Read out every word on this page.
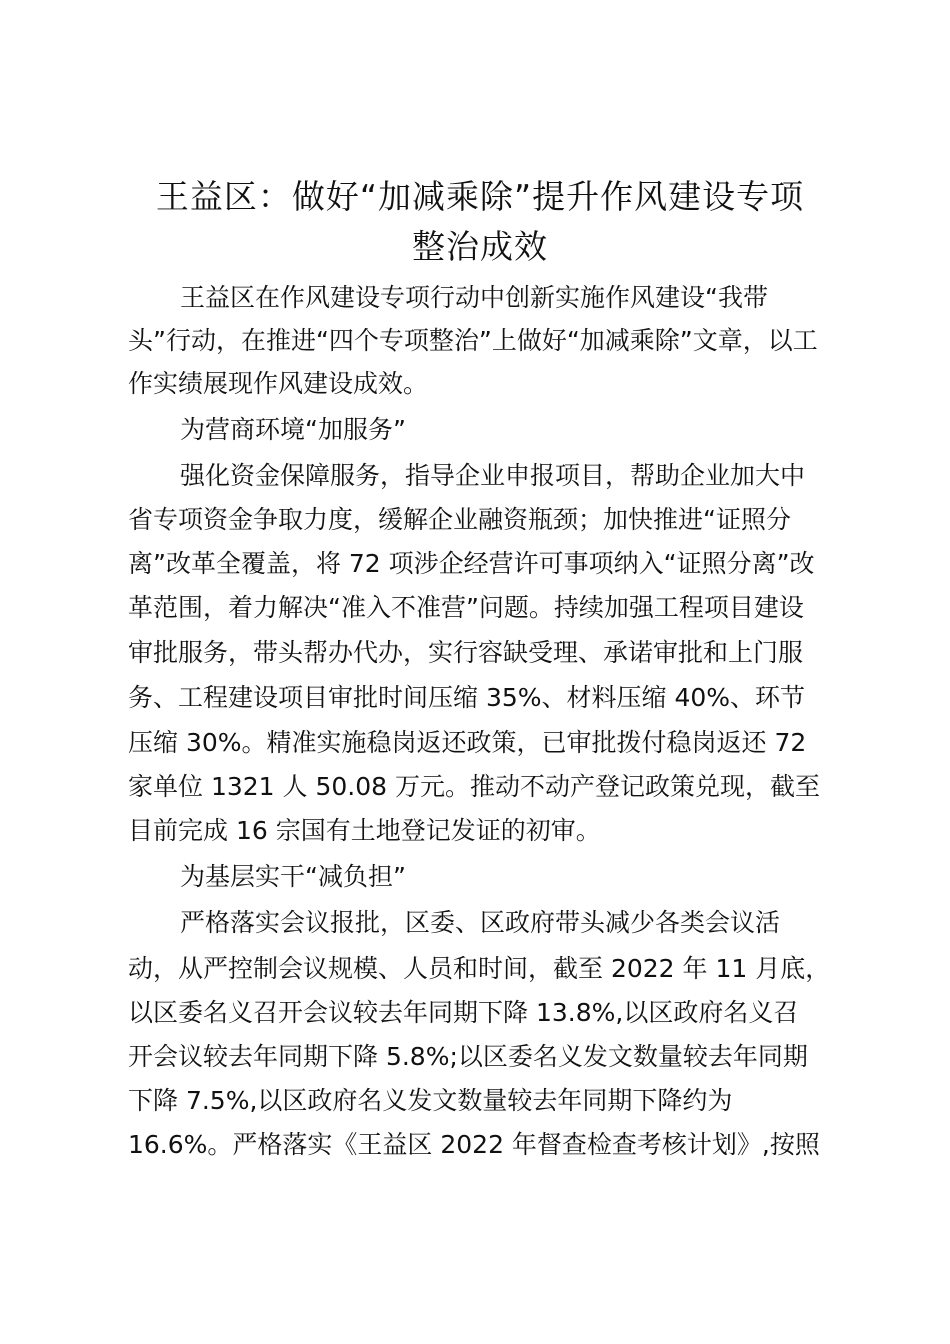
王益区：做好“加减乘除”提升作风建设专项
整治成效

王益区在作风建设专项行动中创新实施作风建设“我带

头”行动，在推进“四个专项整治”上做好“加减乘除”文章，以工

作实绩展现作风建设成效。

为营商环境“加服务”

强化资金保障服务，指导企业申报项目，帮助企业加大中

省专项资金争取力度，缓解企业融资瓶颈；加快推进“证照分

离”改革全覆盖，将 72 项涉企经营许可事项纳入“证照分离”改

革范围，着力解决“准入不准营”问题。持续加强工程项目建设

审批服务，带头帮办代办，实行容缺受理、承诺审批和上门服

务、工程建设项目审批时间压缩 35%、材料压缩 40%、环节

压缩 30%。精准实施稳岗返还政策，已审批拨付稳岗返还 72

家单位 1321 人 50.08 万元。推动不动产登记政策兑现，截至

目前完成 16 宗国有土地登记发证的初审。

为基层实干“减负担”

严格落实会议报批，区委、区政府带头减少各类会议活

动，从严控制会议规模、人员和时间，截至 2022 年 11 月底，

以区委名义召开会议较去年同期下降 13.8%,以区政府名义召

开会议较去年同期下降 5.8%;以区委名义发文数量较去年同期

下降 7.5%,以区政府名义发文数量较去年同期下降约为

16.6%。严格落实《王益区 2022 年督查检查考核计划》,按照
